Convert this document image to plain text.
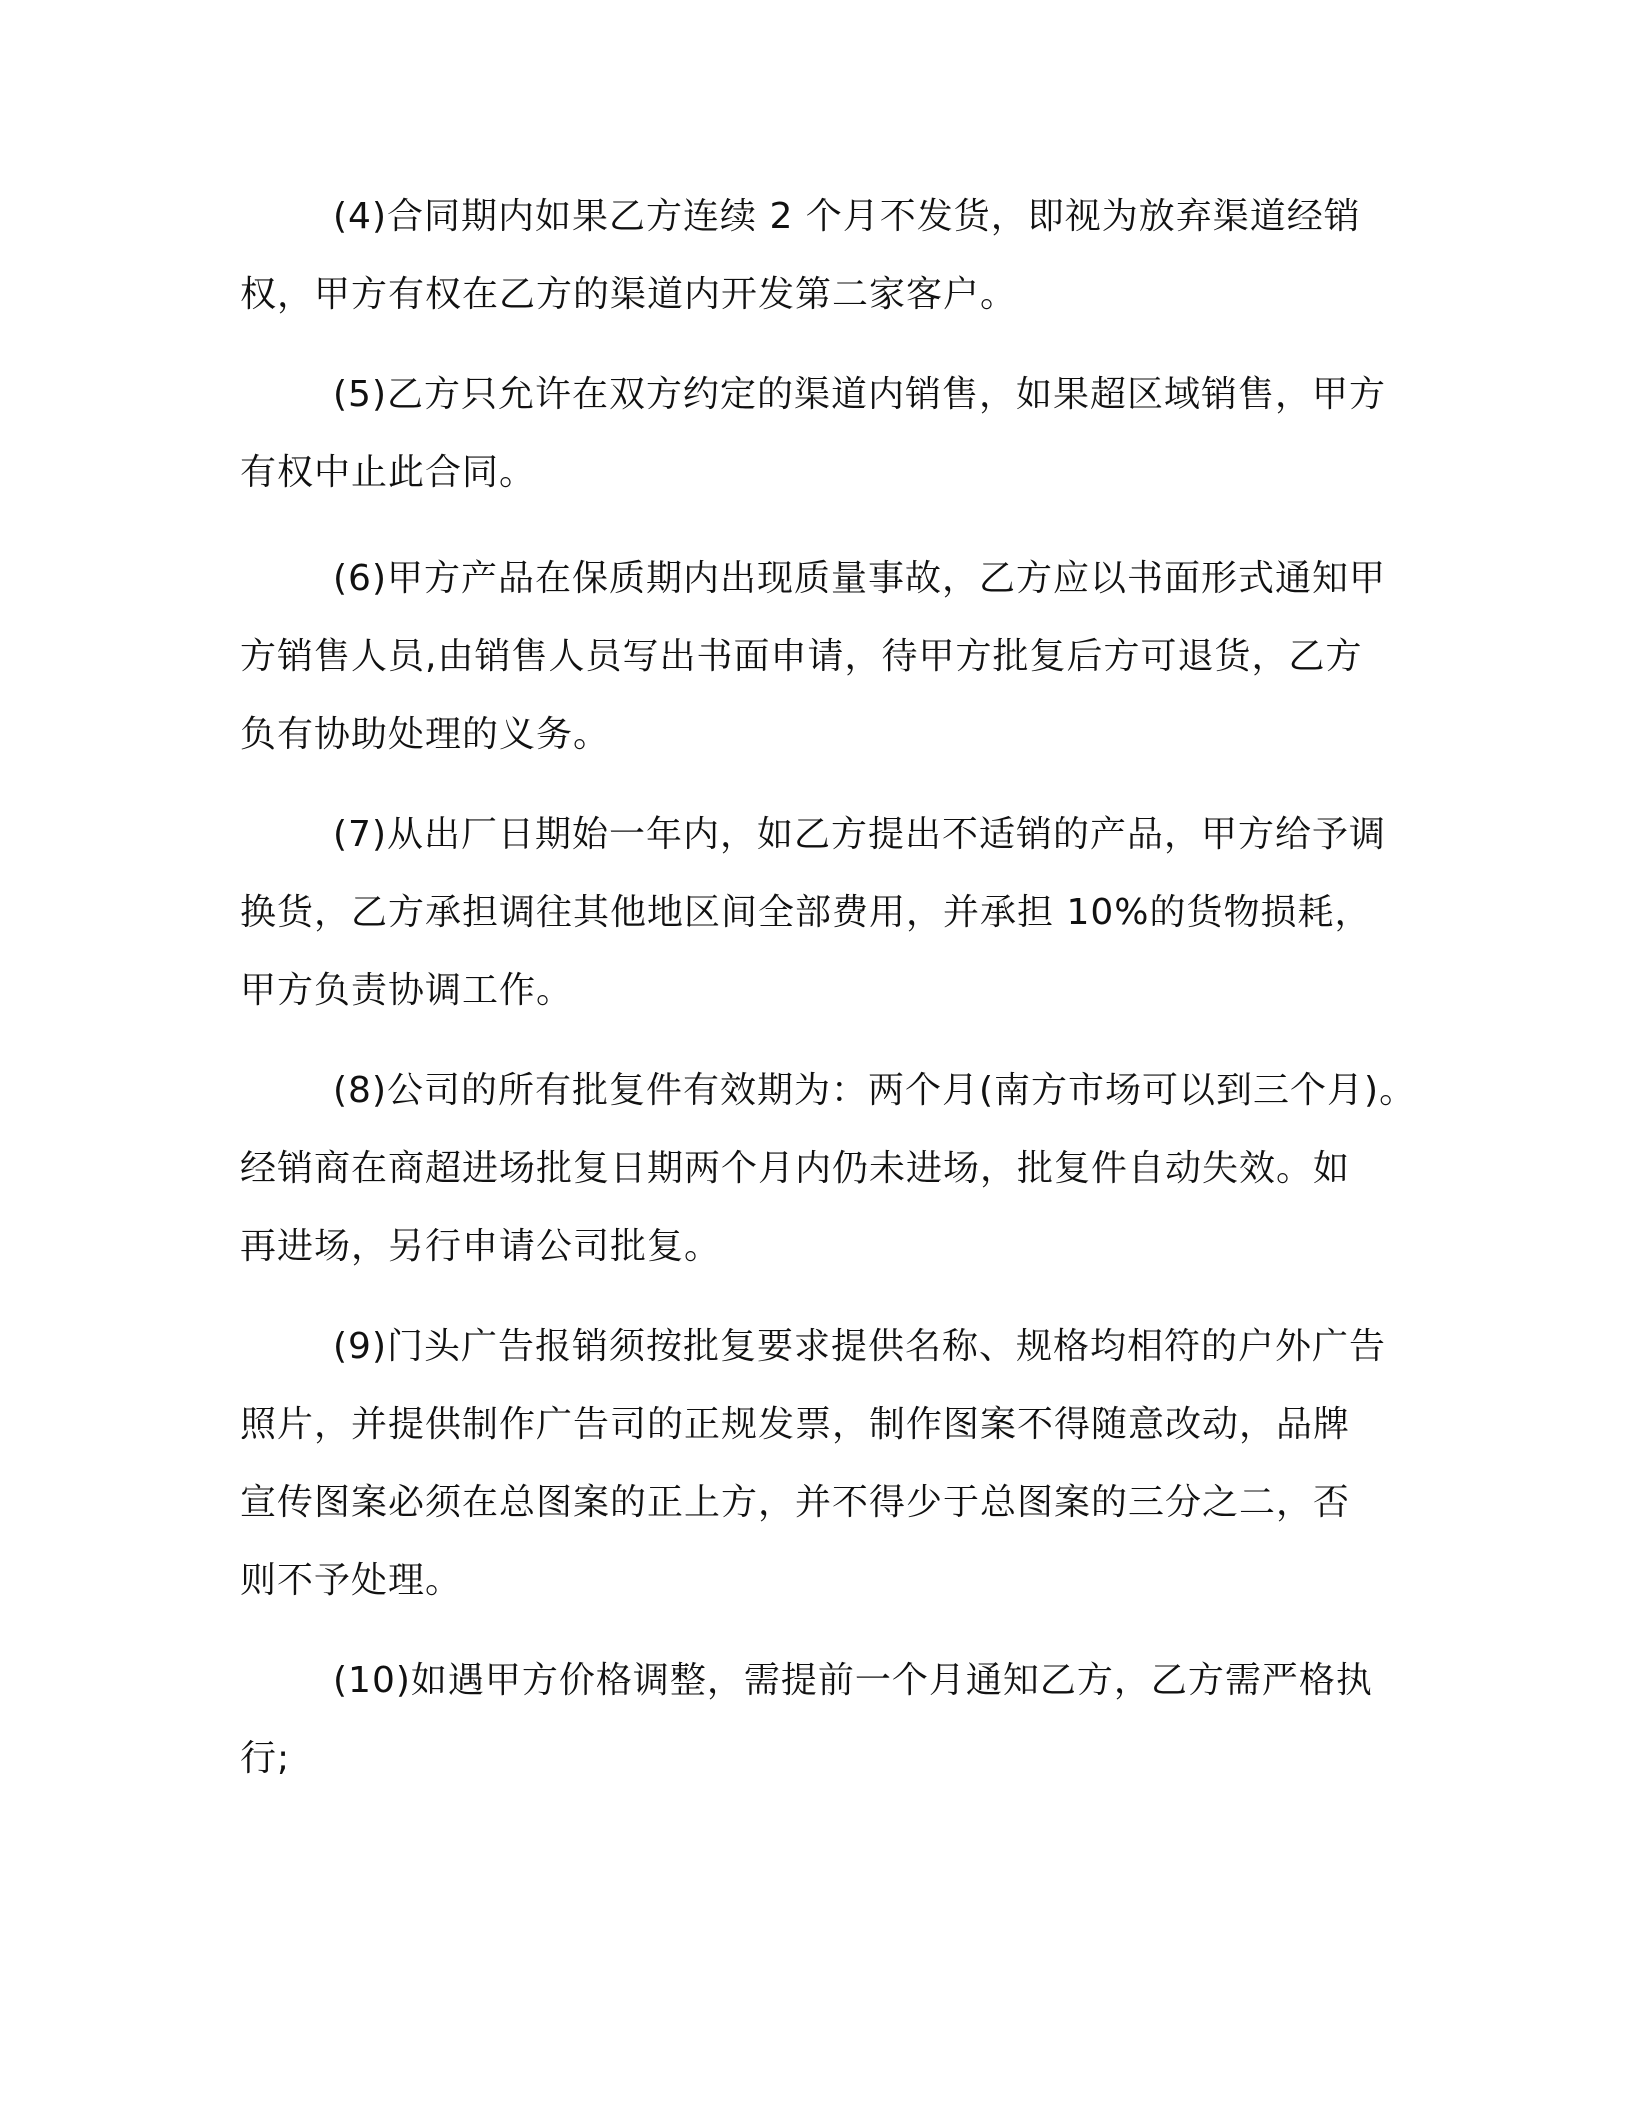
(4)合同期内如果乙方连续 2 个月不发货，即视为放弃渠道经销
权，甲方有权在乙方的渠道内开发第二家客户。
(5)乙方只允许在双方约定的渠道内销售，如果超区域销售，甲方
有权中止此合同。
(6)甲方产品在保质期内出现质量事故，乙方应以书面形式通知甲
方销售人员,由销售人员写出书面申请，待甲方批复后方可退货，乙方
负有协助处理的义务。
(7)从出厂日期始一年内，如乙方提出不适销的产品，甲方给予调
换货，乙方承担调往其他地区间全部费用，并承担 10%的货物损耗，
甲方负责协调工作。
(8)公司的所有批复件有效期为：两个月(南方市场可以到三个月)。
经销商在商超进场批复日期两个月内仍未进场，批复件自动失效。如
再进场，另行申请公司批复。
(9)门头广告报销须按批复要求提供名称、规格均相符的户外广告
照片，并提供制作广告司的正规发票，制作图案不得随意改动，品牌
宣传图案必须在总图案的正上方，并不得少于总图案的三分之二，否
则不予处理。
(10)如遇甲方价格调整，需提前一个月通知乙方，乙方需严格执
行;
